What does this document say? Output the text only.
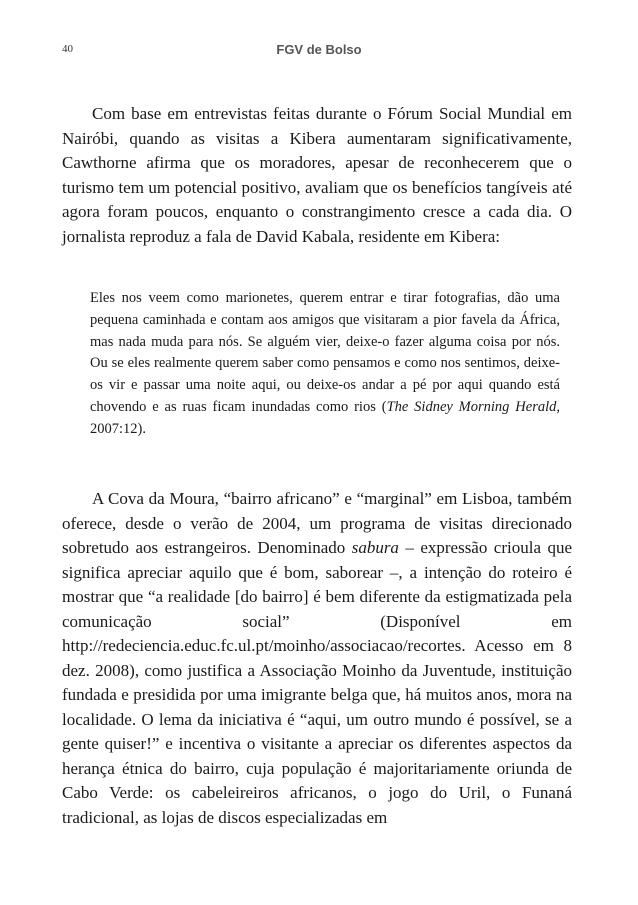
40	FGV de Bolso

Com base em entrevistas feitas durante o Fórum Social Mundial em Nairóbi, quando as visitas a Kibera aumentaram significativamente, Cawthorne afirma que os moradores, apesar de reconhecerem que o turismo tem um potencial positivo, avaliam que os benefícios tangíveis até agora foram poucos, enquanto o constrangimento cresce a cada dia. O jornalista reproduz a fala de David Kabala, residente em Kibera:

Eles nos veem como marionetes, querem entrar e tirar fotografias, dão uma pequena caminhada e contam aos amigos que visitaram a pior favela da África, mas nada muda para nós. Se alguém vier, deixe-o fazer alguma coisa por nós. Ou se eles realmente querem saber como pensamos e como nos sentimos, deixe-os vir e passar uma noite aqui, ou deixe-os andar a pé por aqui quando está chovendo e as ruas ficam inundadas como rios (The Sidney Morning Herald, 2007:12).

A Cova da Moura, “bairro africano” e “marginal” em Lisboa, também oferece, desde o verão de 2004, um programa de visitas direcionado sobretudo aos estrangeiros. Denominado sabura – expressão crioula que significa apreciar aquilo que é bom, saborear –, a intenção do roteiro é mostrar que “a realidade [do bairro] é bem diferente da estigmatizada pela comunicação social” (Disponível em http://redeciencia.educ.fc.ul.pt/moinho/associacao/recortes. Acesso em 8 dez. 2008), como justifica a Associação Moinho da Juventude, instituição fundada e presidida por uma imigrante belga que, há muitos anos, mora na localidade. O lema da iniciativa é “aqui, um outro mundo é possível, se a gente quiser!” e incentiva o visitante a apreciar os diferentes aspectos da herança étnica do bairro, cuja população é majoritariamente oriunda de Cabo Verde: os cabeleireiros africanos, o jogo do Uril, o Funaná tradicional, as lojas de discos especializadas em
